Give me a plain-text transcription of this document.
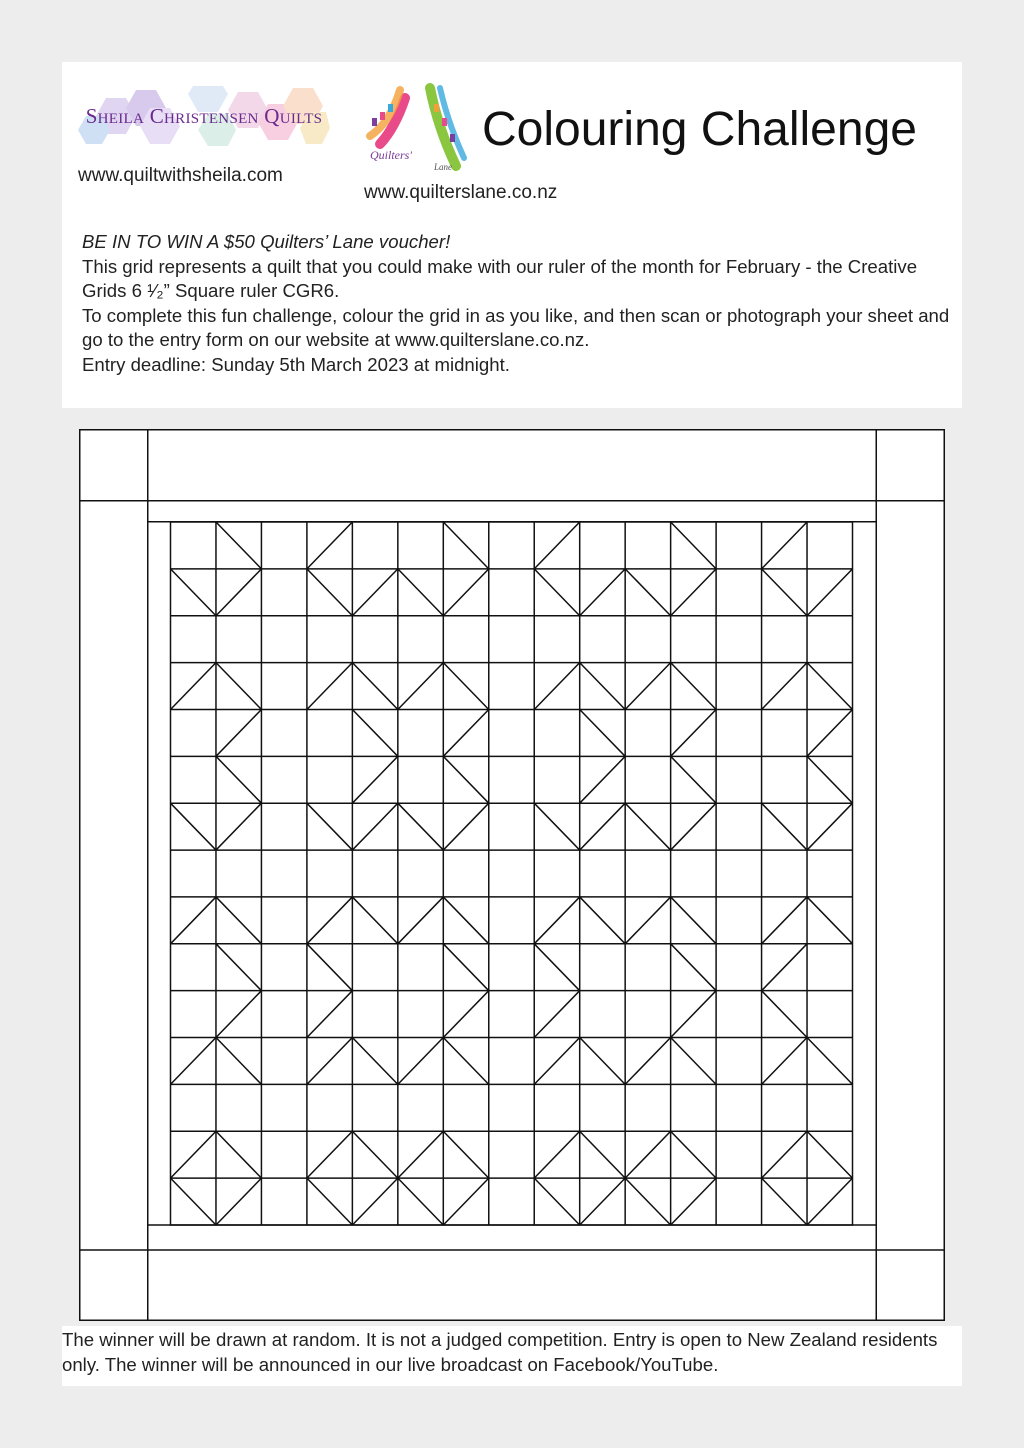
Sheila Christensen Quilts
www.quiltwithsheila.com
Quilters'
Lane
www.quilterslane.co.nz
Colouring Challenge

BE IN TO WIN A $50 Quilters’ Lane voucher!

This grid represents a quilt that you could make with our ruler of the month for February - the Creative Grids 6 ¹⁄₂” Square ruler CGR6.

To complete this fun challenge, colour the grid in as you like, and then scan or photograph your sheet and go to the entry form on our website at www.quilterslane.co.nz.

Entry deadline: Sunday 5th March 2023 at midnight.

The winner will be drawn at random. It is not a judged competition. Entry is open to New Zealand residents only. The winner will be announced in our live broadcast on Facebook/YouTube.
